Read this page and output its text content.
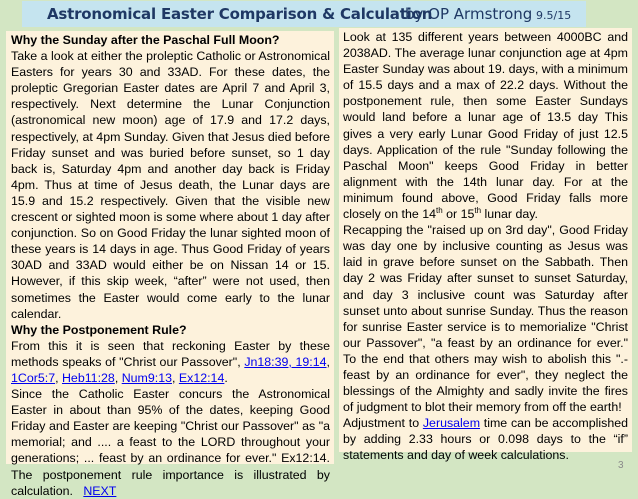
Astronomical Easter Comparison & Calculation
by OP Armstrong 9.5/15

Why the Sunday after the Paschal Full Moon?

Take a look at either the proleptic Catholic or Astronomical Easters for years 30 and 33AD. For these dates, the proleptic Gregorian Easter dates are April 7 and April 3, respectively. Next determine the Lunar Conjunction (astronomical new moon) age of 17.9 and 17.2 days, respectively, at 4pm Sunday. Given that Jesus died before Friday sunset and was buried before sunset, so 1 day back is, Saturday 4pm and another day back is Friday 4pm. Thus at time of Jesus death, the Lunar days are 15.9 and 15.2 respectively. Given that the visible new crescent or sighted moon is some where about 1 day after conjunction. So on Good Friday the lunar sighted moon of these years is 14 days in age. Thus Good Friday of years 30AD and 33AD would either be on Nissan 14 or 15. However, if this skip week, “after” were not used, then sometimes the Easter would come early to the lunar calendar.

Why the Postponement Rule?

From this it is seen that reckoning Easter by these methods speaks of "Christ our Passover", Jn18:39, 19:14, 1Cor5:7, Heb11:28, Num9:13, Ex12:14.

Since the Catholic Easter concurs the Astronomical Easter in about than 95% of the dates, keeping Good Friday and Easter are keeping "Christ our Passover" as "a memorial; and .... a feast to the LORD throughout your generations; ... feast by an ordinance for ever." Ex12:14. The postponement rule importance is illustrated by calculation. NEXT

Look at 135 different years between 4000BC and 2038AD. The average lunar conjunction age at 4pm Easter Sunday was about 19. days, with a minimum of 15.5 days and a max of 22.2 days. Without the postponement rule, then some Easter Sundays would land before a lunar age of 13.5 day This gives a very early Lunar Good Friday of just 12.5 days. Application of the rule "Sunday following the Paschal Moon" keeps Good Friday in better alignment with the 14th lunar day. For at the minimum found above, Good Friday falls more closely on the 14th or 15th lunar day.

Recapping the "raised up on 3rd day", Good Friday was day one by inclusive counting as Jesus was laid in grave before sunset on the Sabbath. Then day 2 was Friday after sunset to sunset Saturday, and day 3 inclusive count was Saturday after sunset unto about sunrise Sunday. Thus the reason for sunrise Easter service is to memorialize "Christ our Passover", "a feast by an ordinance for ever." To the end that others may wish to abolish this ".- feast by an ordinance for ever", they neglect the blessings of the Almighty and sadly invite the fires of judgment to blot their memory from off the earth!

Adjustment to Jerusalem time can be accomplished by adding 2.33 hours or 0.098 days to the “if” statements and day of week calculations.

3
